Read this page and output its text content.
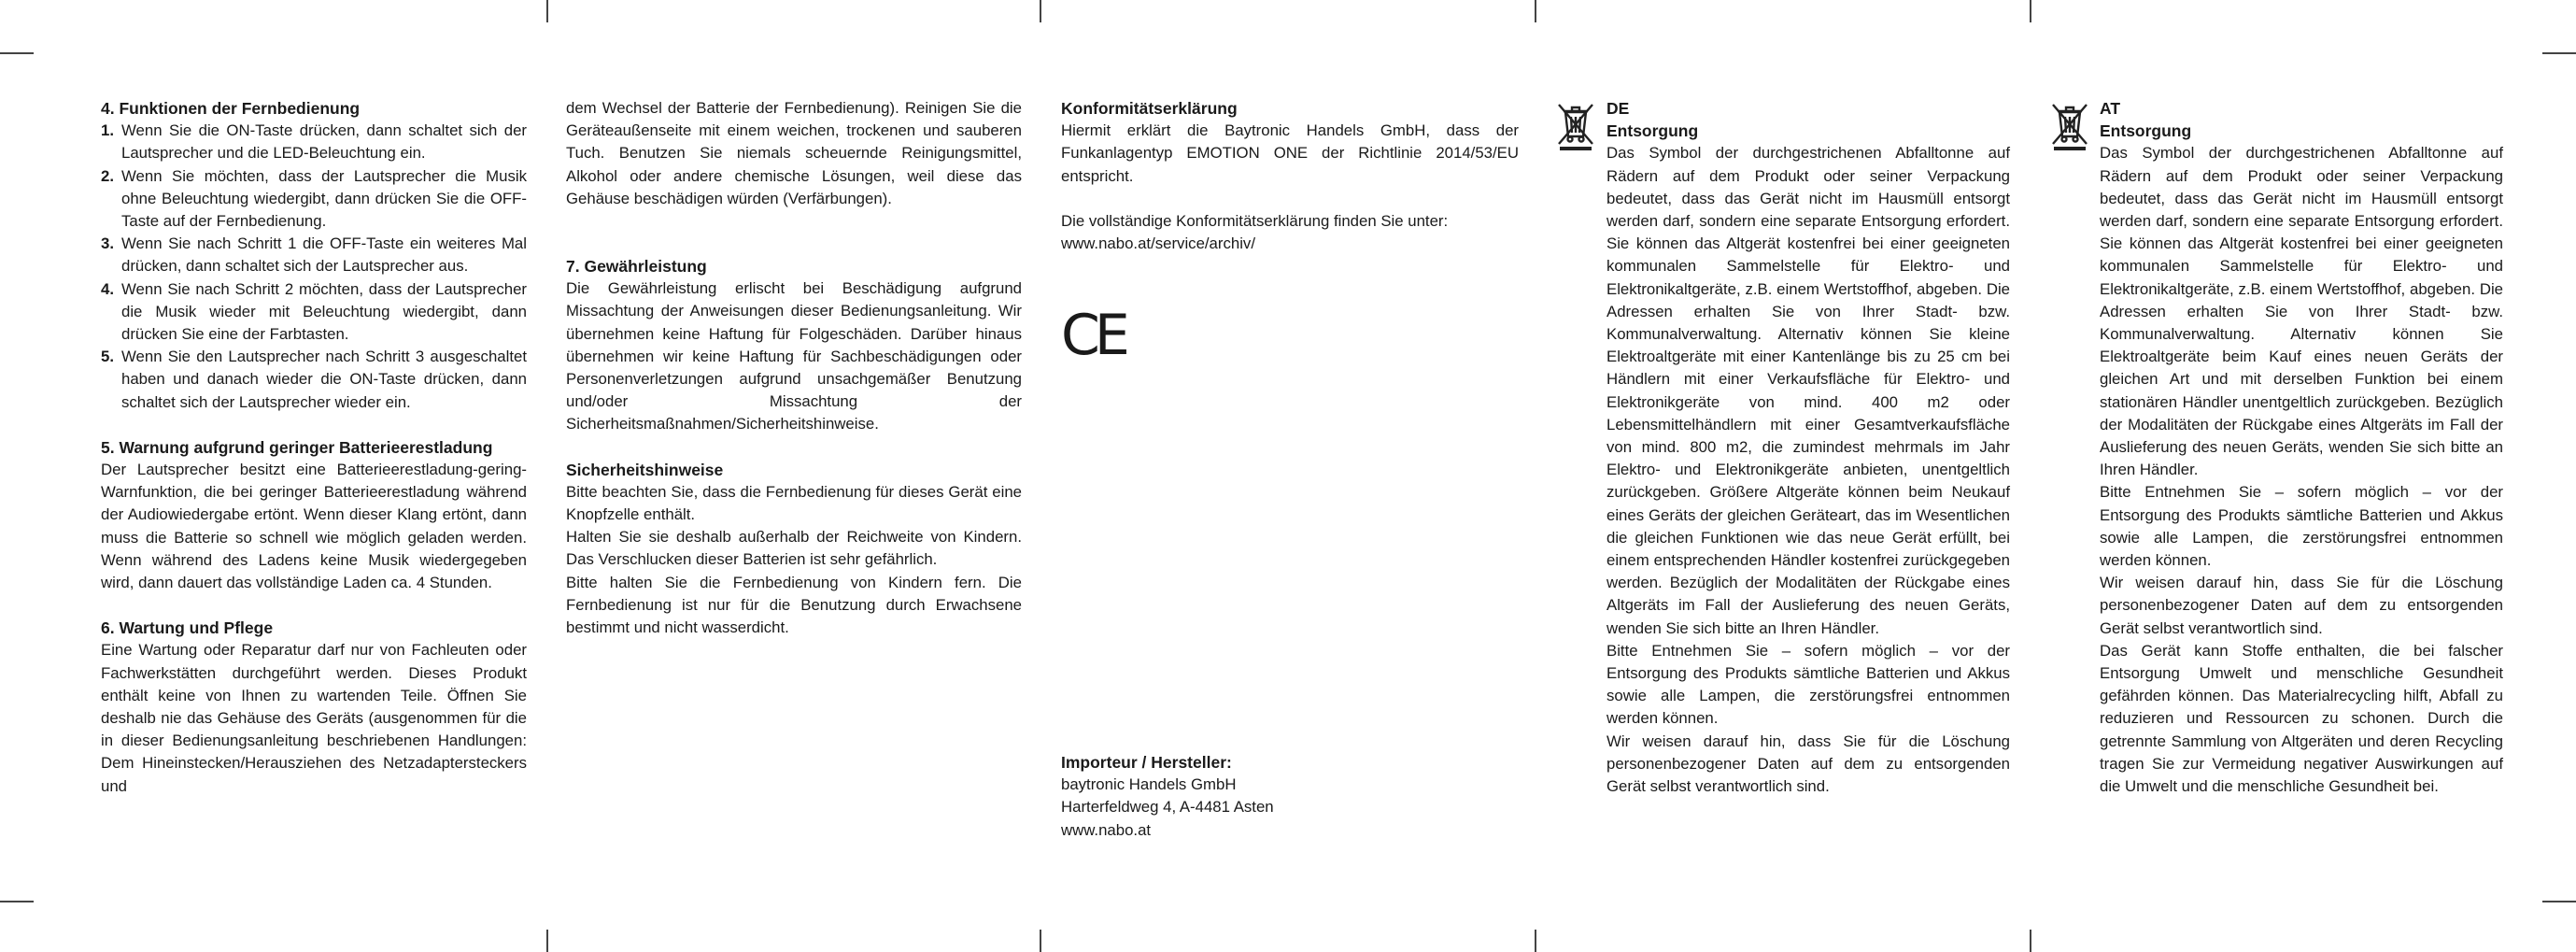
4. Funktionen der Fernbedienung
1. Wenn Sie die ON-Taste drücken, dann schaltet sich der Lautsprecher und die LED-Beleuchtung ein.
2. Wenn Sie möchten, dass der Lautsprecher die Musik ohne Beleuchtung wiedergibt, dann drücken Sie die OFF-Taste auf der Fernbedienung.
3. Wenn Sie nach Schritt 1 die OFF-Taste ein weiteres Mal drücken, dann schaltet sich der Lautsprecher aus.
4. Wenn Sie nach Schritt 2 möchten, dass der Lautsprecher die Musik wieder mit Beleuchtung wiedergibt, dann drücken Sie eine der Farbtasten.
5. Wenn Sie den Lautsprecher nach Schritt 3 ausgeschaltet haben und danach wieder die ON-Taste drücken, dann schaltet sich der Lautsprecher wieder ein.
5. Warnung aufgrund geringer Batterieerestladung

Der Lautsprecher besitzt eine Batterieerestladung-gering-Warnfunktion, die bei geringer Batterieerestladung während der Audiowiedergabe ertönt. Wenn dieser Klang ertönt, dann muss die Batterie so schnell wie möglich geladen werden. Wenn während des Ladens keine Musik wiedergegeben wird, dann dauert das vollständige Laden ca. 4 Stunden.

6. Wartung und Pflege

Eine Wartung oder Reparatur darf nur von Fachleuten oder Fachwerkstätten durchgeführt werden. Dieses Produkt enthält keine von Ihnen zu wartenden Teile. Öffnen Sie deshalb nie das Gehäuse des Geräts (ausgenommen für die in dieser Bedienungsanleitung beschriebenen Handlungen: Dem Hineinstecken/Herausziehen des Netzadaptersteckers und

dem Wechsel der Batterie der Fernbedienung). Reinigen Sie die Geräteaußenseite mit einem weichen, trockenen und sauberen Tuch. Benutzen Sie niemals scheuernde Reinigungsmittel, Alkohol oder andere chemische Lösungen, weil diese das Gehäuse beschädigen würden (Verfärbungen).

7. Gewährleistung

Die Gewährleistung erlischt bei Beschädigung aufgrund Missachtung der Anweisungen dieser Bedienungsanleitung. Wir übernehmen keine Haftung für Folgeschäden. Darüber hinaus übernehmen wir keine Haftung für Sachbeschädigungen oder Personenverletzungen aufgrund unsachgemäßer Benutzung und/oder Missachtung der Sicherheitsmaßnahmen/Sicherheitshinweise.

Sicherheitshinweise

Bitte beachten Sie, dass die Fernbedienung für dieses Gerät eine Knopfzelle enthält.

Halten Sie sie deshalb außerhalb der Reichweite von Kindern. Das Verschlucken dieser Batterien ist sehr gefährlich.

Bitte halten Sie die Fernbedienung von Kindern fern. Die Fernbedienung ist nur für die Benutzung durch Erwachsene bestimmt und nicht wasserdicht.

Konformitätserklärung

Hiermit erklärt die Baytronic Handels GmbH, dass der Funkanlagentyp EMOTION ONE der Richtlinie 2014/53/EU entspricht.

Die vollständige Konformitätserklärung finden Sie unter:

www.nabo.at/service/archiv/

CE

Importeur / Hersteller:

baytronic Handels GmbH

Harterfeldweg 4, A-4481 Asten

www.nabo.at

DE
Entsorgung

Das Symbol der durchgestrichenen Abfalltonne auf Rädern auf dem Produkt oder seiner Verpackung bedeutet, dass das Gerät nicht im Hausmüll entsorgt werden darf, sondern eine separate Entsorgung erfordert. Sie können das Altgerät kostenfrei bei einer geeigneten kommunalen Sammelstelle für Elektro- und Elektronikaltgeräte, z.B. einem Wertstoffhof, abgeben. Die Adressen erhalten Sie von Ihrer Stadt- bzw. Kommunalverwaltung. Alternativ können Sie kleine Elektroaltgeräte mit einer Kantenlänge bis zu 25 cm bei Händlern mit einer Verkaufsfläche für Elektro- und Elektronikgeräte von mind. 400 m2 oder Lebensmittelhändlern mit einer Gesamtverkaufsfläche von mind. 800 m2, die zumindest mehrmals im Jahr Elektro- und Elektronikgeräte anbieten, unentgeltlich zurückgeben. Größere Altgeräte können beim Neukauf eines Geräts der gleichen Geräteart, das im Wesentlichen die gleichen Funktionen wie das neue Gerät erfüllt, bei einem entsprechenden Händler kostenfrei zurückgegeben werden. Bezüglich der Modalitäten der Rückgabe eines Altgeräts im Fall der Auslieferung des neuen Geräts, wenden Sie sich bitte an Ihren Händler.

Bitte Entnehmen Sie – sofern möglich – vor der Entsorgung des Produkts sämtliche Batterien und Akkus sowie alle Lampen, die zerstörungsfrei entnommen werden können.

Wir weisen darauf hin, dass Sie für die Löschung personenbezogener Daten auf dem zu entsorgenden Gerät selbst verantwortlich sind.

AT
Entsorgung

Das Symbol der durchgestrichenen Abfalltonne auf Rädern auf dem Produkt oder seiner Verpackung bedeutet, dass das Gerät nicht im Hausmüll entsorgt werden darf, sondern eine separate Entsorgung erfordert. Sie können das Altgerät kostenfrei bei einer geeigneten kommunalen Sammelstelle für Elektro- und Elektronikaltgeräte, z.B. einem Wertstoffhof, abgeben. Die Adressen erhalten Sie von Ihrer Stadt- bzw. Kommunalverwaltung. Alternativ können Sie Elektroaltgeräte beim Kauf eines neuen Geräts der gleichen Art und mit derselben Funktion bei einem stationären Händler unentgeltlich zurückgeben. Bezüglich der Modalitäten der Rückgabe eines Altgeräts im Fall der Auslieferung des neuen Geräts, wenden Sie sich bitte an Ihren Händler.

Bitte Entnehmen Sie – sofern möglich – vor der Entsorgung des Produkts sämtliche Batterien und Akkus sowie alle Lampen, die zerstörungsfrei entnommen werden können.

Wir weisen darauf hin, dass Sie für die Löschung personenbezogener Daten auf dem zu entsorgenden Gerät selbst verantwortlich sind.

Das Gerät kann Stoffe enthalten, die bei falscher Entsorgung Umwelt und menschliche Gesundheit gefährden können. Das Materialrecycling hilft, Abfall zu reduzieren und Ressourcen zu schonen. Durch die getrennte Sammlung von Altgeräten und deren Recycling tragen Sie zur Vermeidung negativer Auswirkungen auf die Umwelt und die menschliche Gesundheit bei.
